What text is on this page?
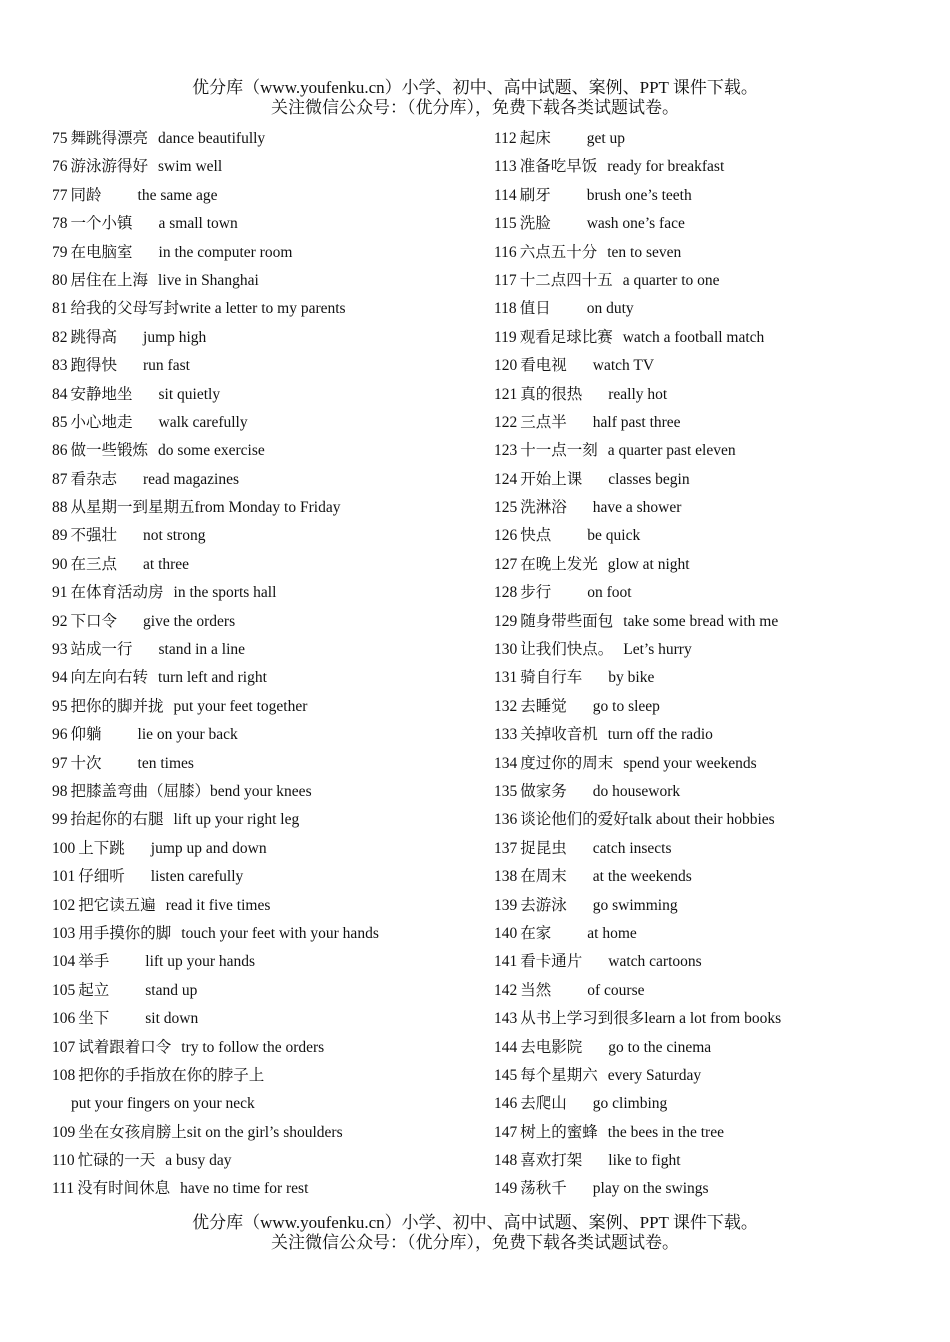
优分库（www.youfenku.cn）小学、初中、高中试题、案例、PPT 课件下载。
关注微信公众号：（优分库），免费下载各类试题试卷。
75 舞跳得漂亮 dance beautifully
76 游泳游得好 swim well
77 同龄 the same age
78 一个小镇 a small town
79 在电脑室 in the computer room
80 居住在上海 live in Shanghai
81 给我的父母写封 write a letter to my parents
82 跳得高 jump high
83 跑得快 run fast
84 安静地坐 sit quietly
85 小心地走 walk carefully
86 做一些锻炼 do some exercise
87 看杂志 read magazines
88 从星期一到星期五 from Monday to Friday
89 不强壮 not strong
90 在三点 at three
91 在体育活动房 in the sports hall
92 下口令 give the orders
93 站成一行 stand in a line
94 向左向右转 turn left and right
95 把你的脚并拢 put your feet together
96 仰躺 lie on your back
97 十次 ten times
98 把膝盖弯曲（屈膝） bend your knees
99 抬起你的右腿 lift up your right leg
100 上下跳 jump up and down
101 仔细听 listen carefully
102 把它读五遍 read it five times
103 用手摸你的脚 touch your feet with your hands
104 举手 lift up your hands
105 起立 stand up
106 坐下 sit down
107 试着跟着口令 try to follow the orders
108 把你的手指放在你的脖子上
put your fingers on your neck
109 坐在女孩肩膀上 sit on the girl’s shoulders
110 忙碌的一天 a busy day
111 没有时间休息 have no time for rest
112 起床 get up
113 准备吃早饭 ready for breakfast
114 刷牙 brush one’s teeth
115 洗脸 wash one’s face
116 六点五十分 ten to seven
117 十二点四十五 a quarter to one
118 值日 on duty
119 观看足球比赛 watch a football match
120 看电视 watch TV
121 真的很热 really hot
122 三点半 half past three
123 十一点一刻 a quarter past eleven
124 开始上课 classes begin
125 洗淋浴 have a shower
126 快点 be quick
127 在晚上发光 glow at night
128 步行 on foot
129 随身带些面包 take some bread with me
130 让我们快点。 Let’s hurry
131 骑自行车 by bike
132 去睡觉 go to sleep
133 关掉收音机 turn off the radio
134 度过你的周末 spend your weekends
135 做家务 do housework
136 谈论他们的爱好 talk about their hobbies
137 捉昆虫 catch insects
138 在周末 at the weekends
139 去游泳 go swimming
140 在家 at home
141 看卡通片 watch cartoons
142 当然 of course
143 从书上学习到很多 learn a lot from books
144 去电影院 go to the cinema
145 每个星期六 every Saturday
146 去爬山 go climbing
147 树上的蜜蜂 the bees in the tree
148 喜欢打架 like to fight
149 荡秋千 play on the swings
优分库（www.youfenku.cn）小学、初中、高中试题、案例、PPT 课件下载。
关注微信公众号：（优分库），免费下载各类试题试卷。
